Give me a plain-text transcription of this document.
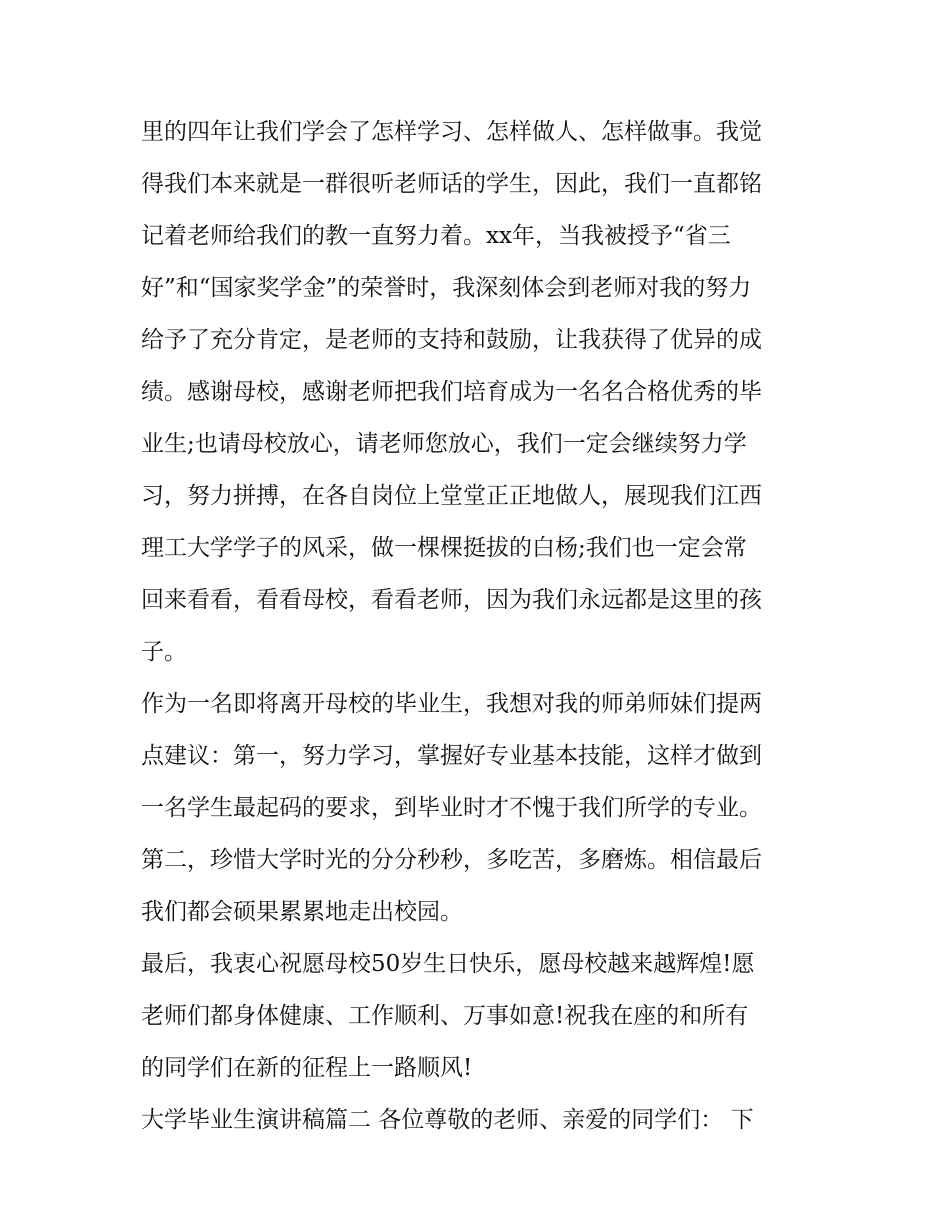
里的四年让我们学会了怎样学习、怎样做人、怎样做事。我觉
得我们本来就是一群很听老师话的学生，因此，我们一直都铭
记着老师给我们的教一直努力着。xx年，当我被授予“省三
好”和“国家奖学金”的荣誉时，我深刻体会到老师对我的努力
给予了充分肯定，是老师的支持和鼓励，让我获得了优异的成
绩。感谢母校，感谢老师把我们培育成为一名名合格优秀的毕
业生;也请母校放心，请老师您放心，我们一定会继续努力学
习，努力拼搏，在各自岗位上堂堂正正地做人，展现我们江西
理工大学学子的风采，做一棵棵挺拔的白杨;我们也一定会常
回来看看，看看母校，看看老师，因为我们永远都是这里的孩
子。
作为一名即将离开母校的毕业生，我想对我的师弟师妹们提两
点建议：第一，努力学习，掌握好专业基本技能，这样才做到
一名学生最起码的要求，到毕业时才不愧于我们所学的专业。
第二，珍惜大学时光的分分秒秒，多吃苦，多磨炼。相信最后
我们都会硕果累累地走出校园。
最后，我衷心祝愿母校50岁生日快乐，愿母校越来越辉煌!愿
老师们都身体健康、工作顺利、万事如意!祝我在座的和所有
的同学们在新的征程上一路顺风!
大学毕业生演讲稿篇二 各位尊敬的老师、亲爱的同学们： 下
